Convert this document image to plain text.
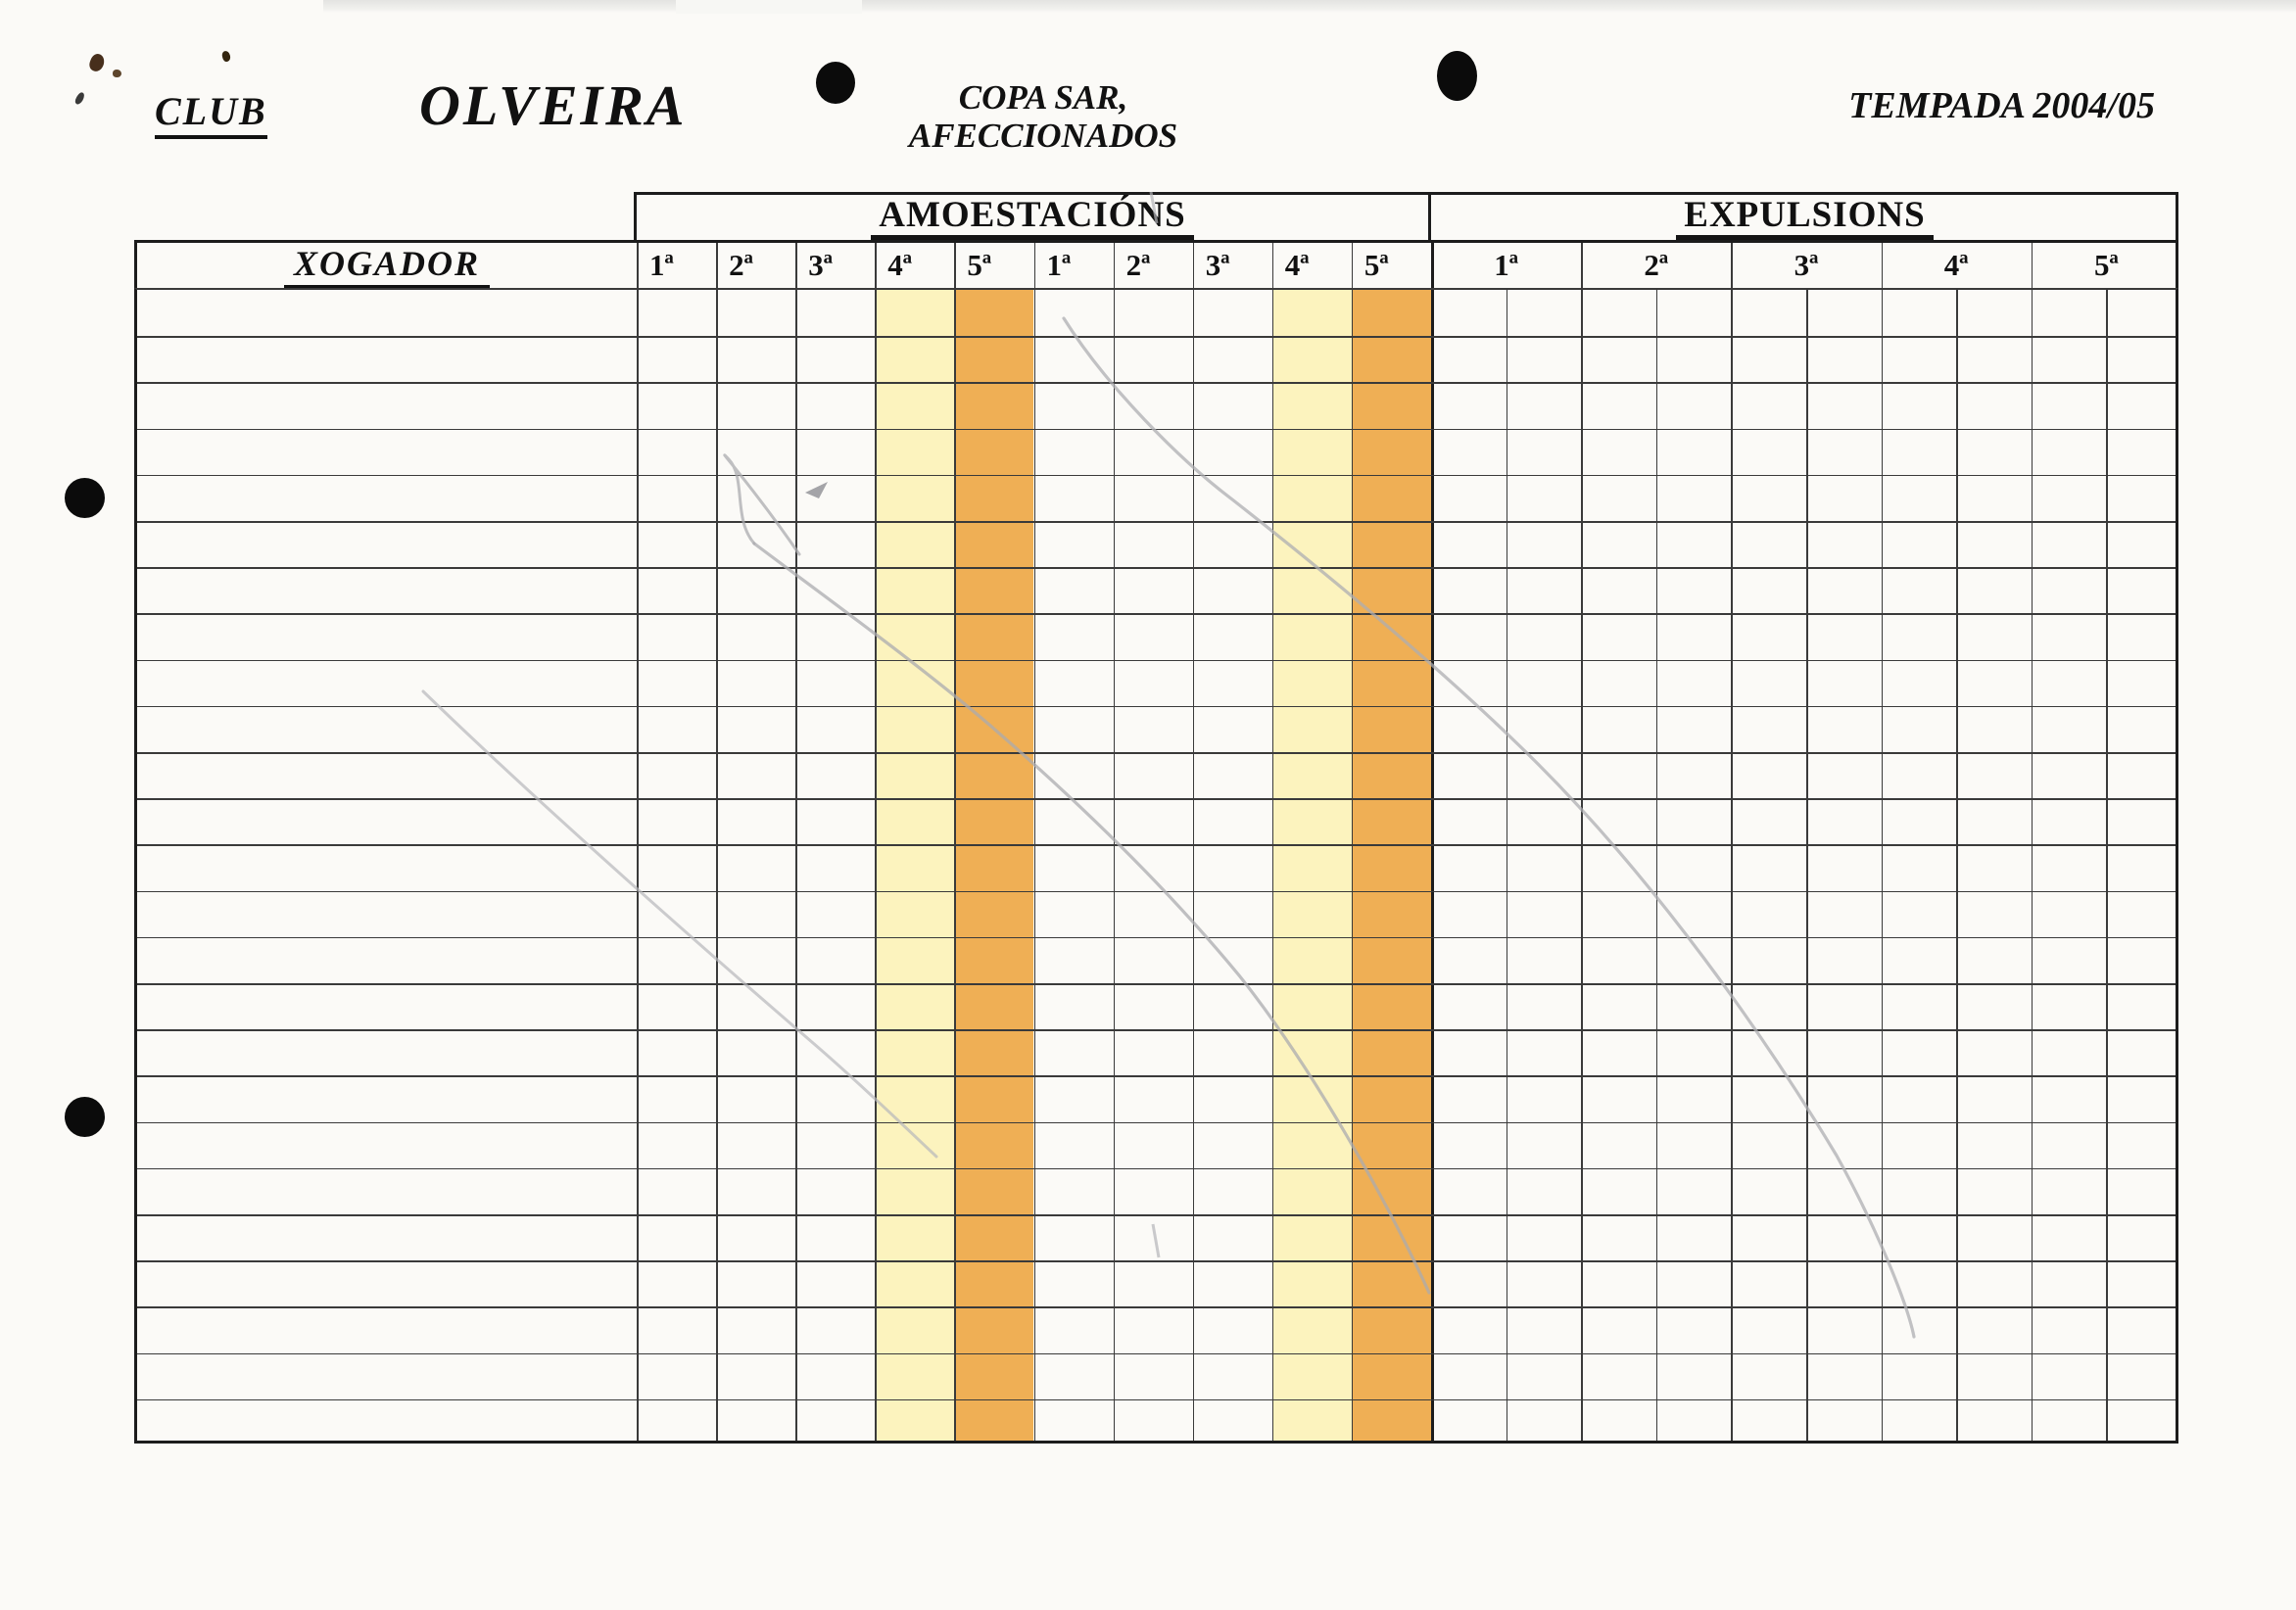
CLUB	OLVEIRA	COPA SAR,
AFECCIONADOS
TEMPADA 2004/05
AMOESTACIÓNS	EXPULSIONS
XOGADOR	1ª	2ª	3ª	4ª	5ª	1ª	2ª	3ª	4ª	5ª	1ª	2ª	3ª	4ª	5ª
